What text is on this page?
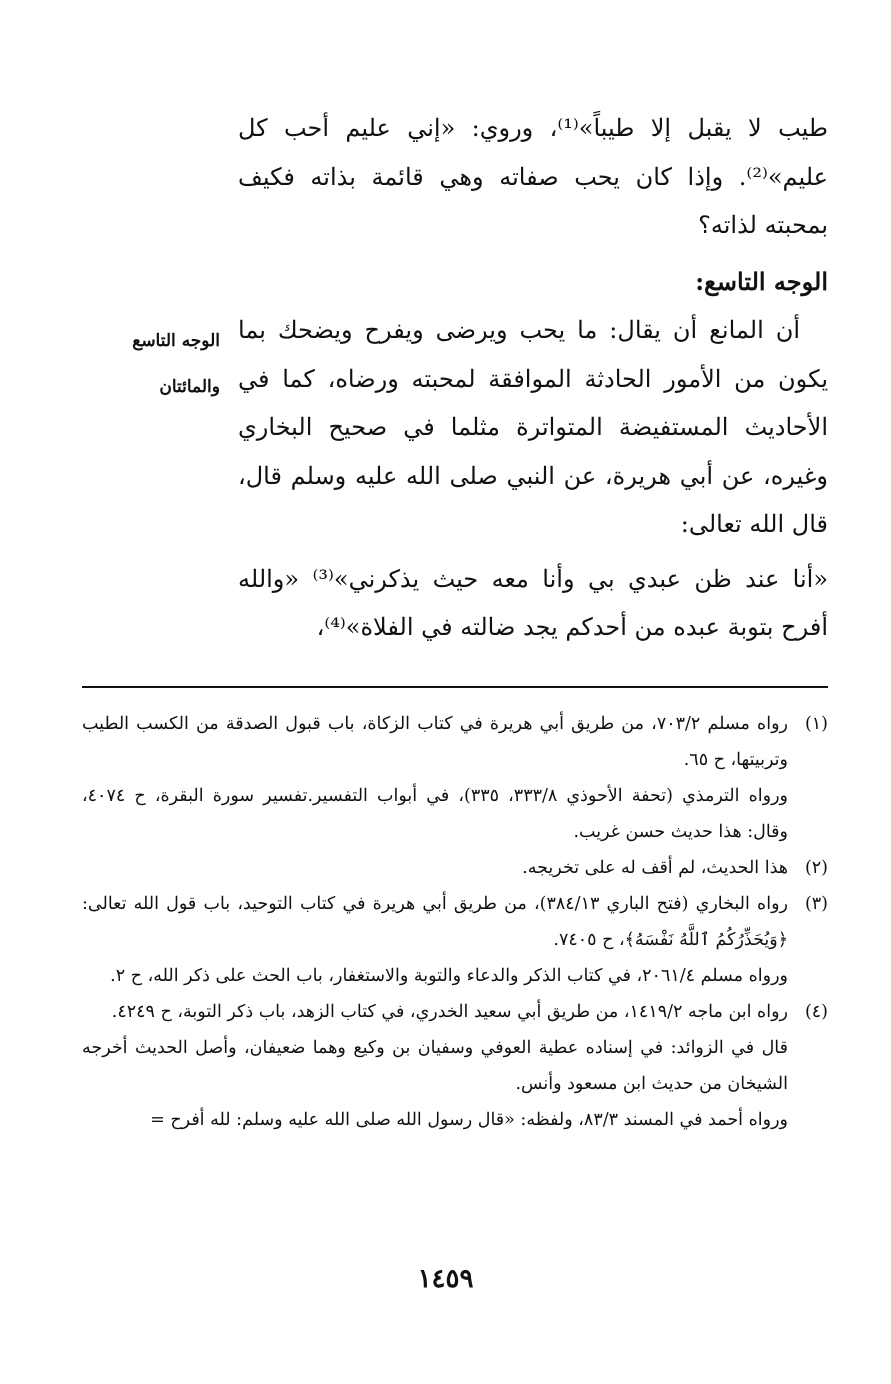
طيب لا يقبل إلا طيباً»⁽¹⁾، وروي: «إني عليم أحب كل عليم»⁽²⁾. وإذا كان يحب صفاته وهي قائمة بذاته فكيف بمحبته لذاته؟

الوجه التاسع:

أن المانع أن يقال: ما يحب ويرضى ويفرح ويضحك بما يكون من الأمور الحادثة الموافقة لمحبته ورضاه، كما في الأحاديث المستفيضة المتواترة مثلما في صحيح البخاري وغيره، عن أبي هريرة، عن النبي صلى الله عليه وسلم قال، قال الله تعالى:

«أنا عند ظن عبدي بي وأنا معه حيث يذكرني»⁽³⁾ «والله أفرح بتوبة عبده من أحدكم يجد ضالته في الفلاة»⁽⁴⁾،

الوجه التاسع
والمائتان
(١)

رواه مسلم ٧٠٣/٢، من طريق أبي هريرة في كتاب الزكاة، باب قبول الصدقة من الكسب الطيب وتربيتها، ح ٦٥.

ورواه الترمذي (تحفة الأحوذي ٣٣٣/٨، ٣٣٥)، في أبواب التفسير.تفسير سورة البقرة، ح ٤٠٧٤، وقال: هذا حديث حسن غريب.

(٢)

هذا الحديث، لم أقف له على تخريجه.

(٣)

رواه البخاري (فتح الباري ٣٨٤/١٣)، من طريق أبي هريرة في كتاب التوحيد، باب قول الله تعالى: ﴿وَيُحَذِّرُكُمُ ٱللَّهُ نَفْسَهُ﴾، ح ٧٤٠٥.

ورواه مسلم ٢٠٦١/٤، في كتاب الذكر والدعاء والتوبة والاستغفار، باب الحث على ذكر الله، ح ٢.

(٤)

رواه ابن ماجه ١٤١٩/٢، من طريق أبي سعيد الخدري، في كتاب الزهد، باب ذكر التوبة، ح ٤٢٤٩.

قال في الزوائد: في إسناده عطية العوفي وسفيان بن وكيع وهما ضعيفان، وأصل الحديث أخرجه الشيخان من حديث ابن مسعود وأنس.

ورواه أحمد في المسند ٨٣/٣، ولفظه: «قال رسول الله صلى الله عليه وسلم: لله أفرح =

١٤٥٩
